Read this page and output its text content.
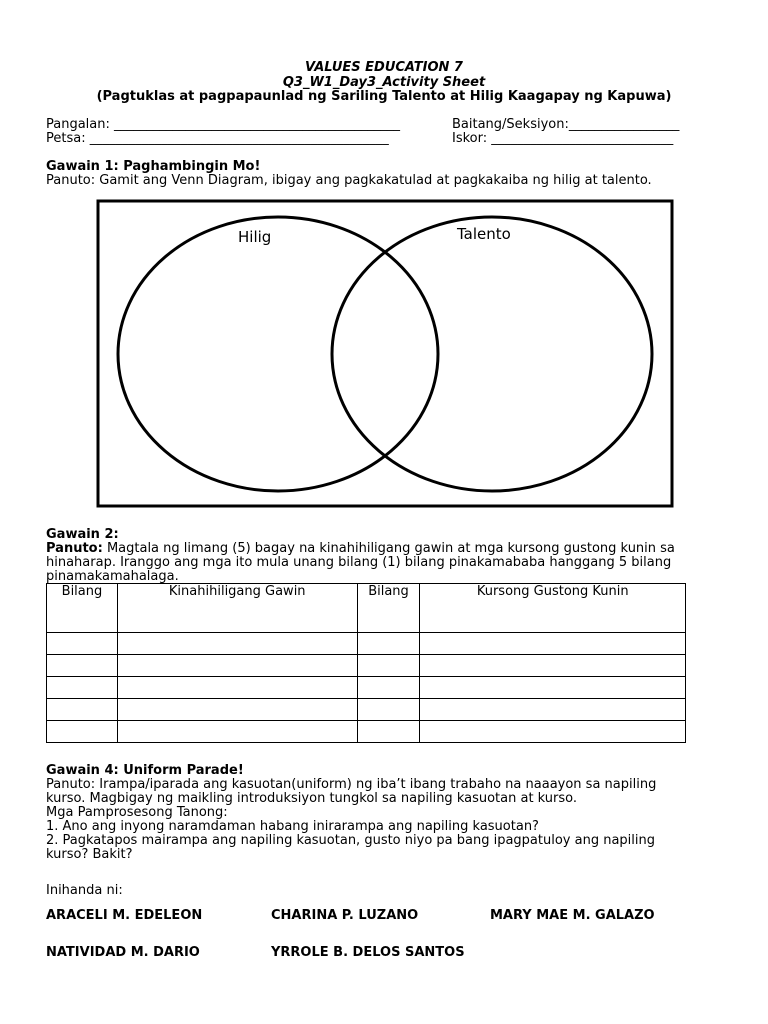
VALUES EDUCATION 7
Q3_W1_Day3_Activity Sheet
(Pagtuklas at pagpapaunlad ng Sariling Talento at Hilig Kaagapay ng Kapuwa)
Pangalan: ____________________________________________	Baitang/Seksiyon:_________________
Petsa: ______________________________________________	Iskor: ____________________________
Gawain 1: Paghambingin Mo!
Panuto: Gamit ang Venn Diagram, ibigay ang pagkakatulad at pagkakaiba ng hilig at talento.
Hilig	Talento
Gawain 2:
Panuto: Magtala ng limang (5) bagay na kinahihiligang gawin at mga kursong gustong kunin sa
hinaharap. Iranggo ang mga ito mula unang bilang (1) bilang pinakamababa hanggang 5 bilang
pinamakamahalaga.
Bilang	Kinahihiligang Gawin	Bilang	Kursong Gustong Kunin

Gawain 4: Uniform Parade!
Panuto: Irampa/iparada ang kasuotan(uniform) ng iba’t ibang trabaho na naaayon sa napiling
kurso. Magbigay ng maikling introduksiyon tungkol sa napiling kasuotan at kurso.
Mga Pamprosesong Tanong:
1. Ano ang inyong naramdaman habang inirarampa ang napiling kasuotan?
2. Pagkatapos mairampa ang napiling kasuotan, gusto niyo pa bang ipagpatuloy ang napiling
kurso? Bakit?
Inihanda ni:
ARACELI M. EDELEON	CHARINA P. LUZANO	MARY MAE M. GALAZO
NATIVIDAD M. DARIO	YRROLE B. DELOS SANTOS
